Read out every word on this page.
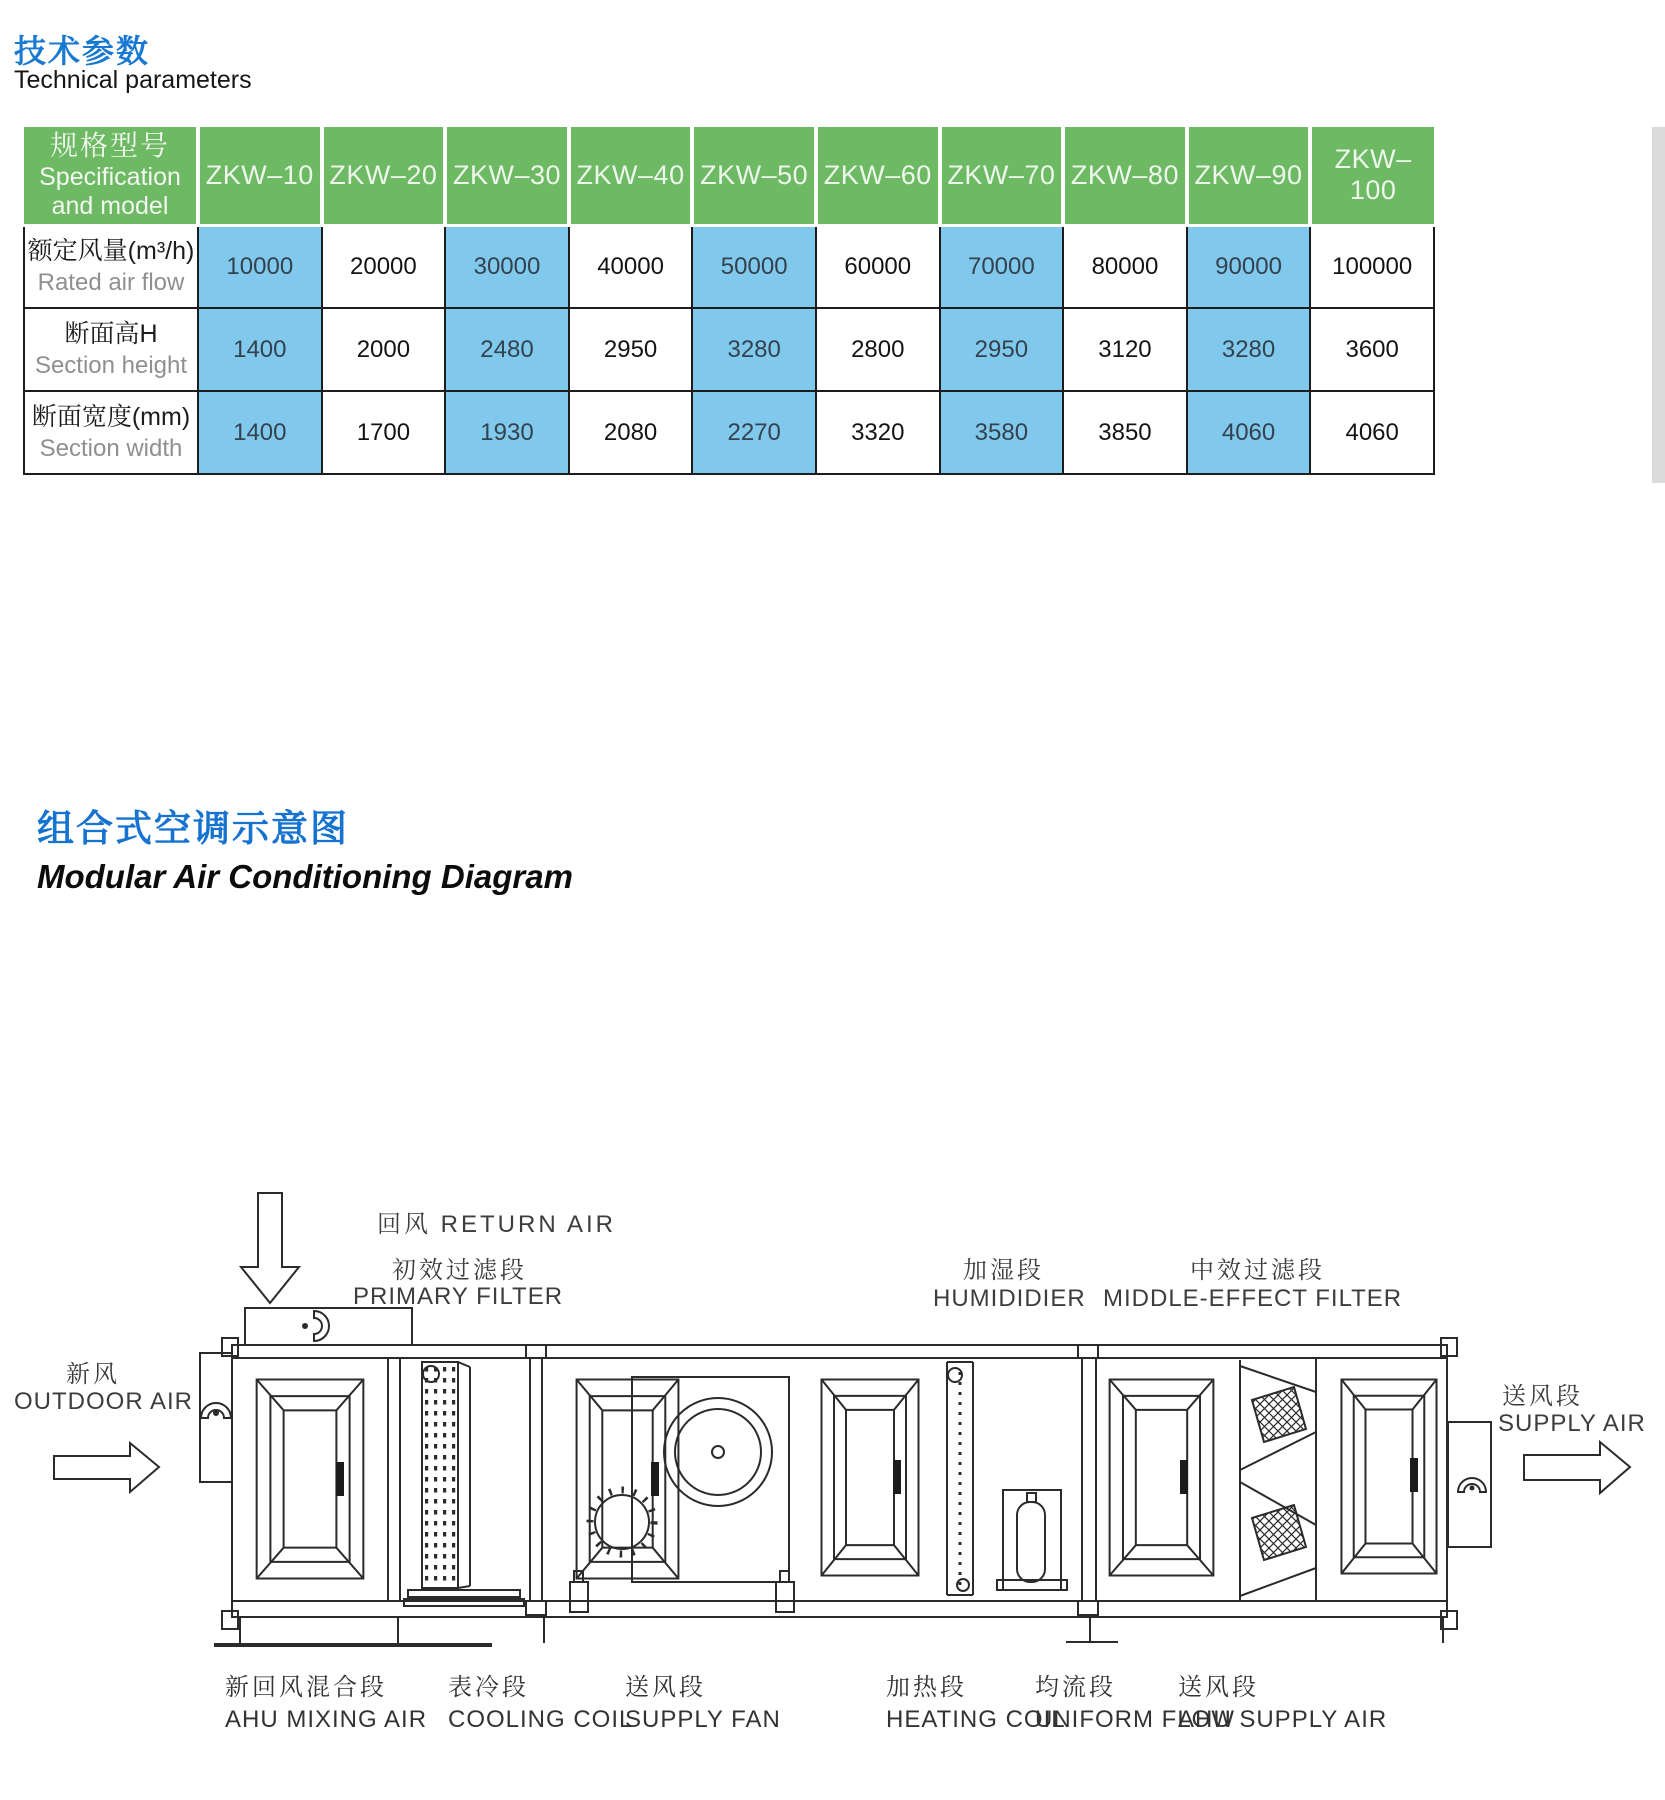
技术参数
Technical parameters
规格型号
Specification
and model	ZKW–10	ZKW–20	ZKW–30	ZKW–40	ZKW–50	ZKW–60	ZKW–70	ZKW–80	ZKW–90	ZKW–100

额定风量(m³/h)
Rated air flow	10000	20000	30000	40000	50000	60000	70000	80000	90000	100000

断面高H
Section height	1400	2000	2480	2950	3280	2800	2950	3120	3280	3600

断面宽度(mm)
Section width	1400	1700	1930	2080	2270	3320	3580	3850	4060	4060
组合式空调示意图
Modular Air Conditioning Diagram
回风 RETURN AIR
初效过滤段
PRIMARY FILTER
加湿段
HUMIDIDIER
中效过滤段
MIDDLE-EFFECT FILTER
新风
OUTDOOR AIR	送风段
SUPPLY AIR
新回风混合段
AHU MIXING AIR
表冷段
COOLING COIL
送风段
SUPPLY FAN
加热段
HEATING COIL
均流段
UNIFORM FLOW
送风段
AHU SUPPLY AIR
